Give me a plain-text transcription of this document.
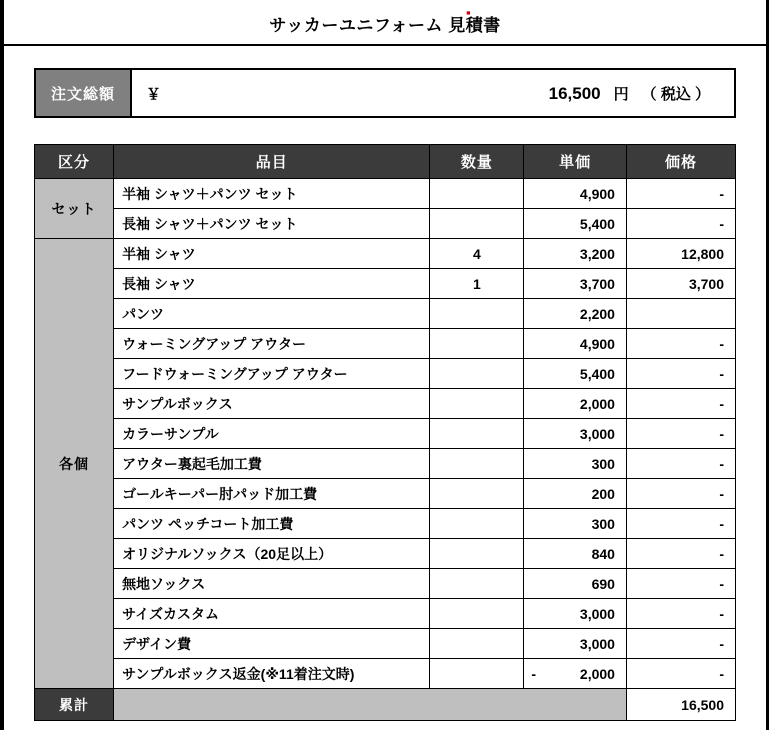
サッカーユニフォーム 見積書
注文総額	￥	16,500 円 （ 税込 ）
▪
区分	品目	数量	単価	価格
セット	半袖 シャツ＋パンツ セット		4,900	-
	長袖 シャツ＋パンツ セット		5,400	-
各個	半袖 シャツ	4	3,200	12,800
	長袖 シャツ	1	3,700	3,700
	パンツ		2,200	
	ウォーミングアップ アウター		4,900	-
	フードウォーミングアップ アウター		5,400	-
	サンプルボックス		2,000	-
	カラーサンプル		3,000	-
	アウター裏起毛加工費		300	-
	ゴールキーパー肘パッド加工費		200	-
	パンツ ペッチコート加工費		300	-
	オリジナルソックス（20足以上）		840	-
	無地ソックス		690	-
	サイズカスタム		3,000	-
	デザイン費		3,000	-
	サンプルボックス返金(※11着注文時)		- 2,000	-
累計				16,500
